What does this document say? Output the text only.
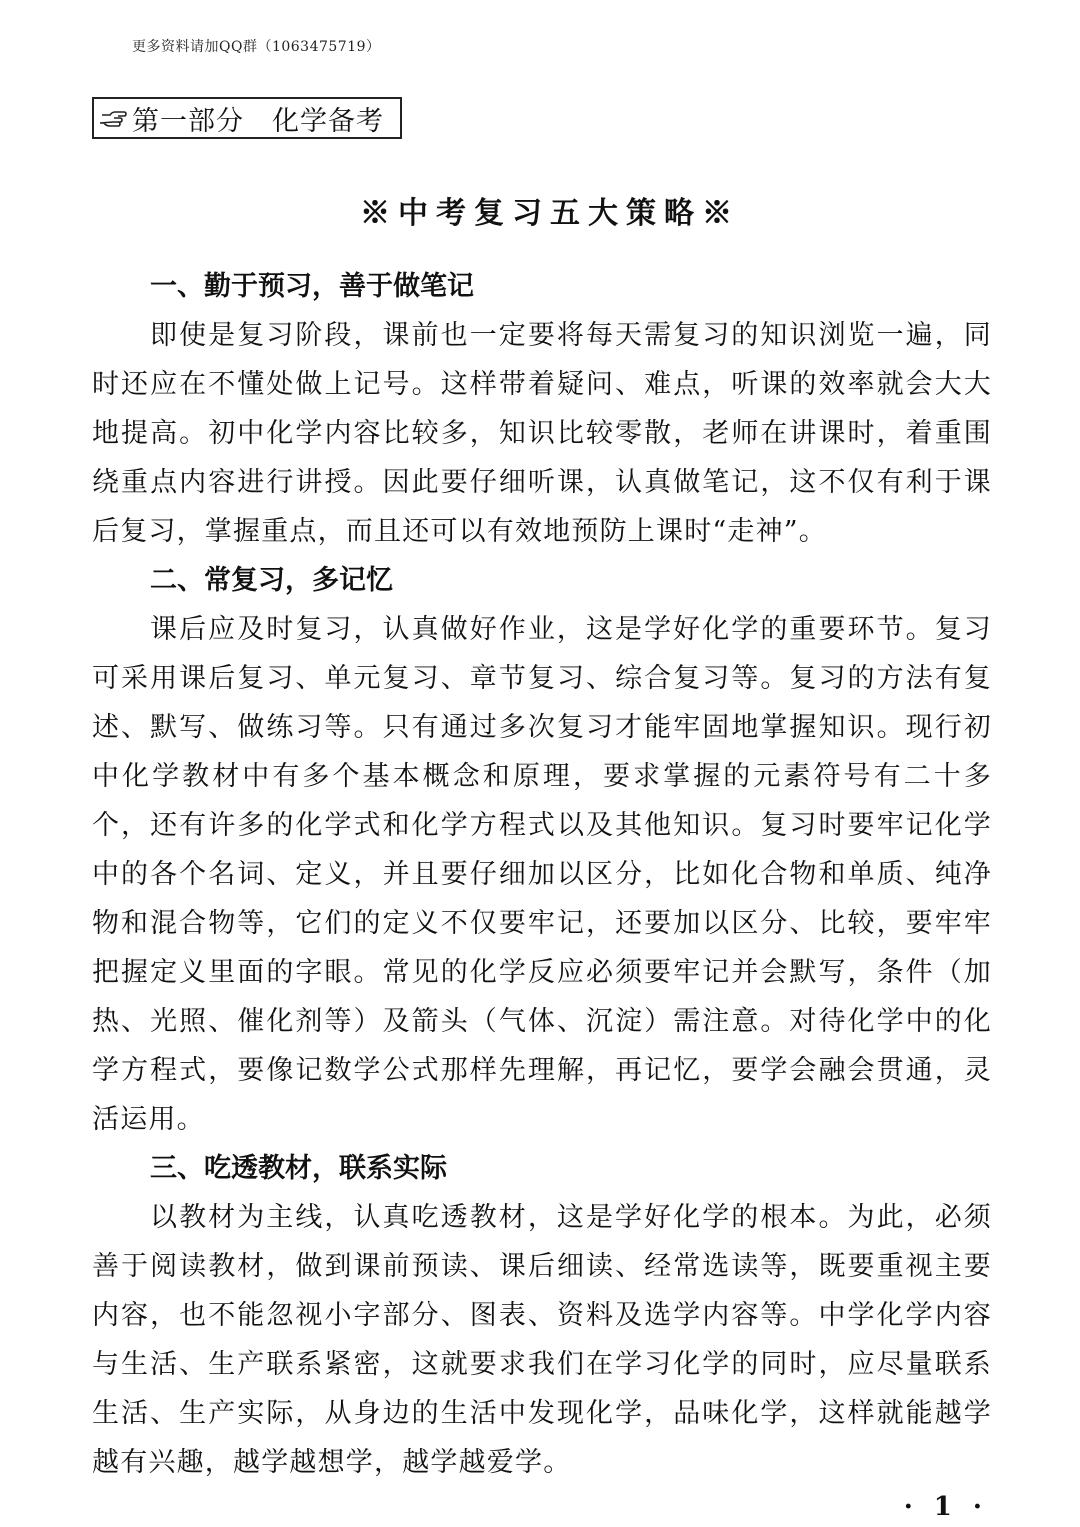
更多资料请加QQ群（1063475719）
第一部分　化学备考
※中考复习五大策略※
一、勤于预习，善于做笔记

即使是复习阶段，课前也一定要将每天需复习的知识浏览一遍，同时还应在不懂处做上记号。这样带着疑问、难点，听课的效率就会大大地提高。初中化学内容比较多，知识比较零散，老师在讲课时，着重围绕重点内容进行讲授。因此要仔细听课，认真做笔记，这不仅有利于课后复习，掌握重点，而且还可以有效地预防上课时“走神”。

二、常复习，多记忆

课后应及时复习，认真做好作业，这是学好化学的重要环节。复习可采用课后复习、单元复习、章节复习、综合复习等。复习的方法有复述、默写、做练习等。只有通过多次复习才能牢固地掌握知识。现行初中化学教材中有多个基本概念和原理，要求掌握的元素符号有二十多个，还有许多的化学式和化学方程式以及其他知识。复习时要牢记化学中的各个名词、定义，并且要仔细加以区分，比如化合物和单质、纯净物和混合物等，它们的定义不仅要牢记，还要加以区分、比较，要牢牢把握定义里面的字眼。常见的化学反应必须要牢记并会默写，条件（加热、光照、催化剂等）及箭头（气体、沉淀）需注意。对待化学中的化学方程式，要像记数学公式那样先理解，再记忆，要学会融会贯通，灵活运用。

三、吃透教材，联系实际

以教材为主线，认真吃透教材，这是学好化学的根本。为此，必须善于阅读教材，做到课前预读、课后细读、经常选读等，既要重视主要内容，也不能忽视小字部分、图表、资料及选学内容等。中学化学内容与生活、生产联系紧密，这就要求我们在学习化学的同时，应尽量联系生活、生产实际，从身边的生活中发现化学，品味化学，这样就能越学越有兴趣，越学越想学，越学越爱学。

· 1 ·
